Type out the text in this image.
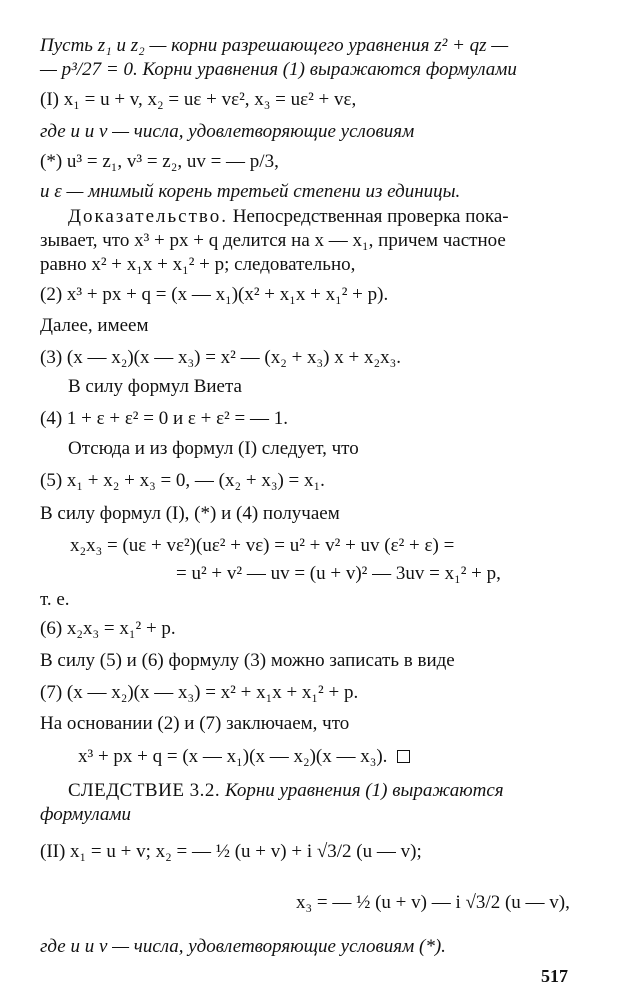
Пусть z₁ и z₂ — корни разрешающего уравнения z² + qz —
— p³/27 = 0. Корни уравнения (1) выражаются формулами
(I) x₁ = u + v, x₂ = uε + vε², x₃ = uε² + vε,
где u и v — числа, удовлетворяющие условиям
(*) u³ = z₁, v³ = z₂, uv = — p/3,
и ε — мнимый корень третьей степени из единицы.
Доказательство. Непосредственная проверка пока-
зывает, что x³ + px + q делится на x — x₁, причем частное
равно x² + x₁x + x₁² + p; следовательно,
(2) x³ + px + q = (x — x₁)(x² + x₁x + x₁² + p).
Далее, имеем
(3) (x — x₂)(x — x₃) = x² — (x₂ + x₃) x + x₂x₃.
В силу формул Виета
(4) 1 + ε + ε² = 0 и ε + ε² = — 1.
Отсюда и из формул (I) следует, что
(5) x₁ + x₂ + x₃ = 0, — (x₂ + x₃) = x₁.
В силу формул (I), (*) и (4) получаем
x₂x₃ = (uε + vε²)(uε² + vε) = u² + v² + uv (ε² + ε) =
= u² + v² — uv = (u + v)² — 3uv = x₁² + p,
т. е.
(6) x₂x₃ = x₁² + p.
В силу (5) и (6) формулу (3) можно записать в виде
(7) (x — x₂)(x — x₃) = x² + x₁x + x₁² + p.
На основании (2) и (7) заключаем, что
x³ + px + q = (x — x₁)(x — x₂)(x — x₃).
СЛЕДСТВИЕ 3.2. Корни уравнения (1) выражаются
формулами
(II) x₁ = u + v; x₂ = — ½ (u + v) + i √3/2 (u — v);
x₃ = — ½ (u + v) — i √3/2 (u — v),
где u и v — числа, удовлетворяющие условиям (*).
517
